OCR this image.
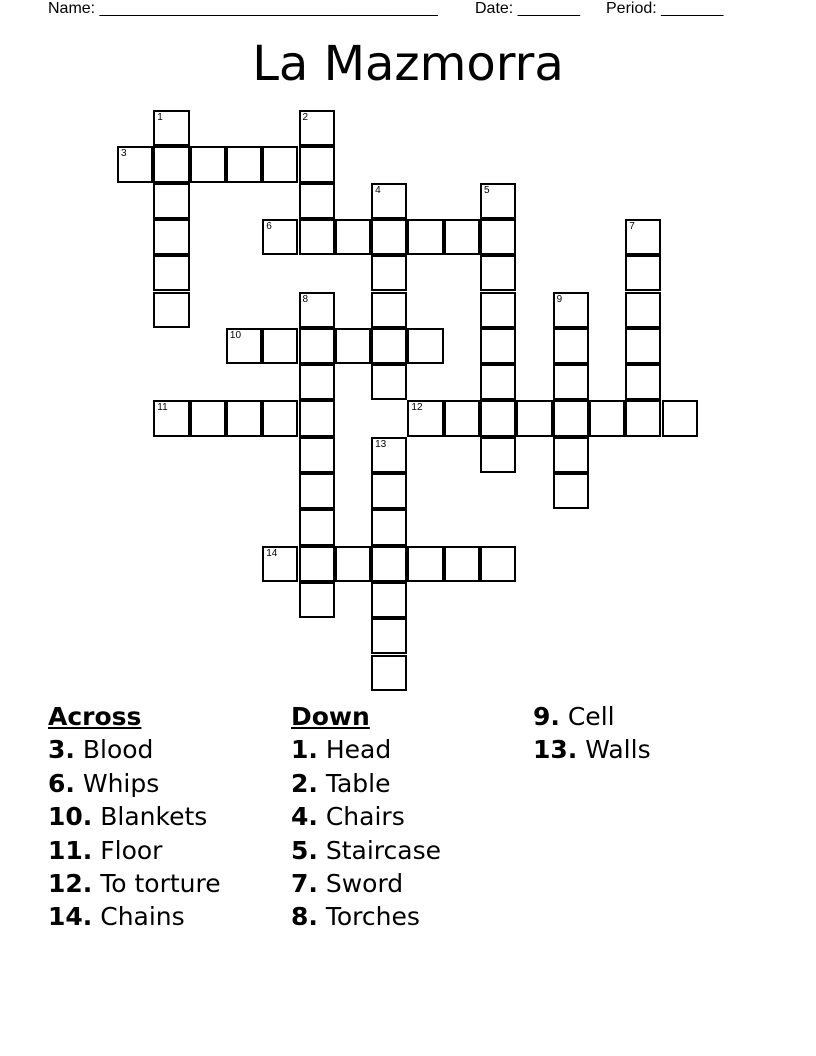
Name: ______________________________________ Date: _______ Period: _______
La Mazmorra
1	2
3
4	5
6	7
8	9
10
11	12
13
14
Across
3. Blood
6. Whips
10. Blankets
11. Floor
12. To torture
14. Chains
Down
1. Head
2. Table
4. Chairs
5. Staircase
7. Sword
8. Torches
9. Cell
13. Walls
